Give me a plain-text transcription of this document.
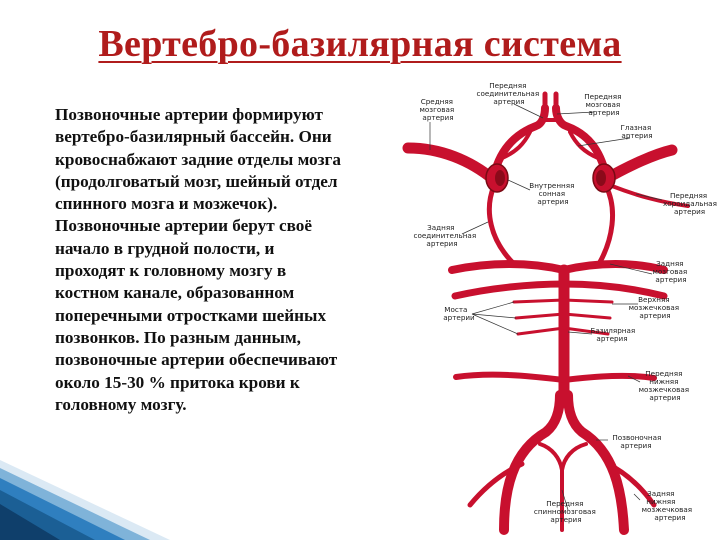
Вертебро-базилярная система

Позвоночные артерии формируют вертебро-базилярный бассейн. Они кровоснабжают задние отделы мозга (продолговатый мозг, шейный отдел спинного мозга и мозжечок). Позвоночные артерии берут своё начало в грудной полости, и проходят к головному мозгу в костном канале, образованном поперечными отростками шейных позвонков. По разным данным, позвоночные артерии обеспечивают около 15-30 % притока крови к головному мозгу.

Средняя мозговая артерия
Передняя соединительная артерия
Передняя мозговая артерия
Глазная артерия
Внутренняя сонная артерия
Передняя хороидальная артерия
Задняя соединительная артерия
Задняя мозговая артерия
Моста артерии
Верхняя мозжечковая артерия
Базилярная артерия
Передняя нижняя мозжечковая артерия
Позвоночная артерия
Передняя спинномозговая артерия
Задняя нижняя мозжечковая артерия
